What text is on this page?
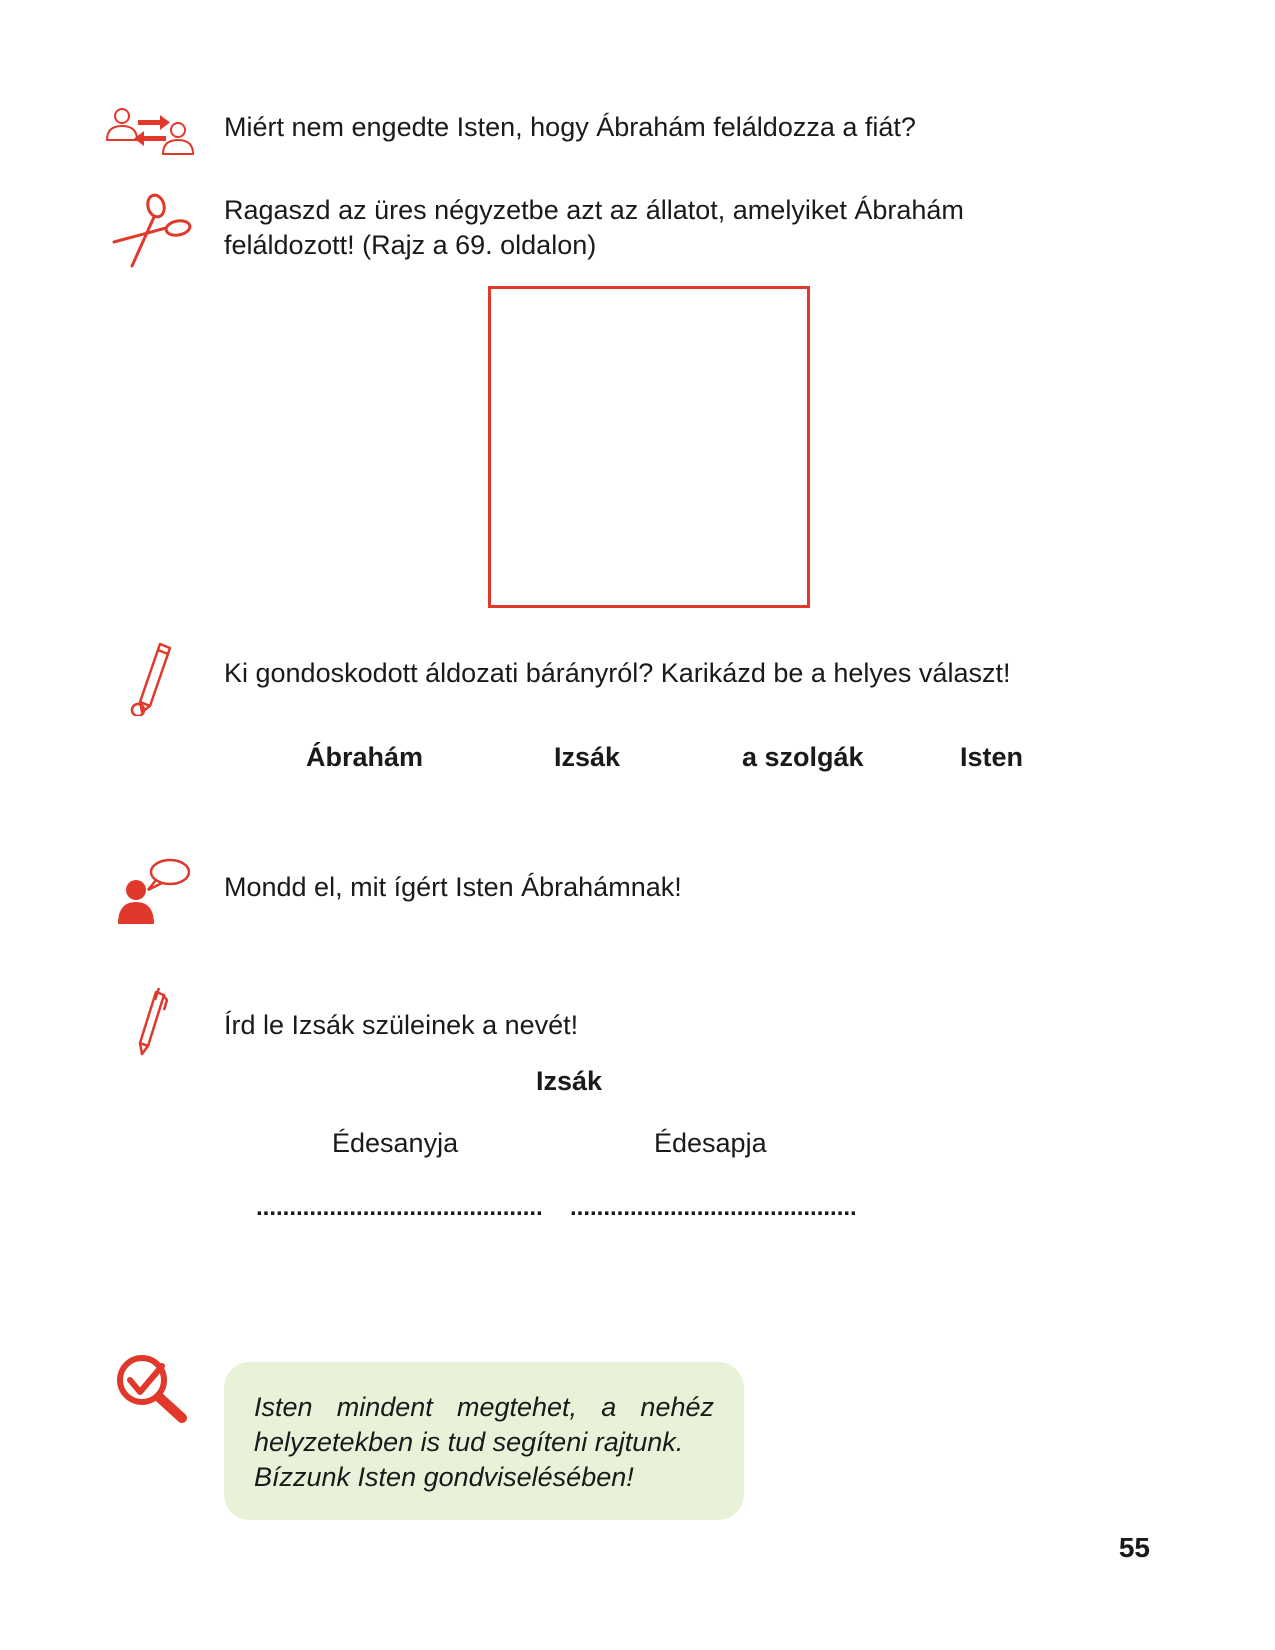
Miért nem engedte Isten, hogy Ábrahám feláldozza a fiát?
Ragaszd az üres négyzetbe azt az állatot, amelyiket Ábrahám
feláldozott! (Rajz a 69. oldalon)
Ki gondoskodott áldozati bárányról? Karikázd be a helyes választ!
Ábrahám	Izsák	a szolgák	Isten
Mondd el, mit ígért Isten Ábrahámnak!
Írd le Izsák szüleinek a nevét!
Izsák
Édesanyja	Édesapja
........................................... ...........................................

Isten mindent megtehet, a nehéz

helyzetekben is tud segíteni rajtunk.

Bízzunk Isten gondviselésében!

55
